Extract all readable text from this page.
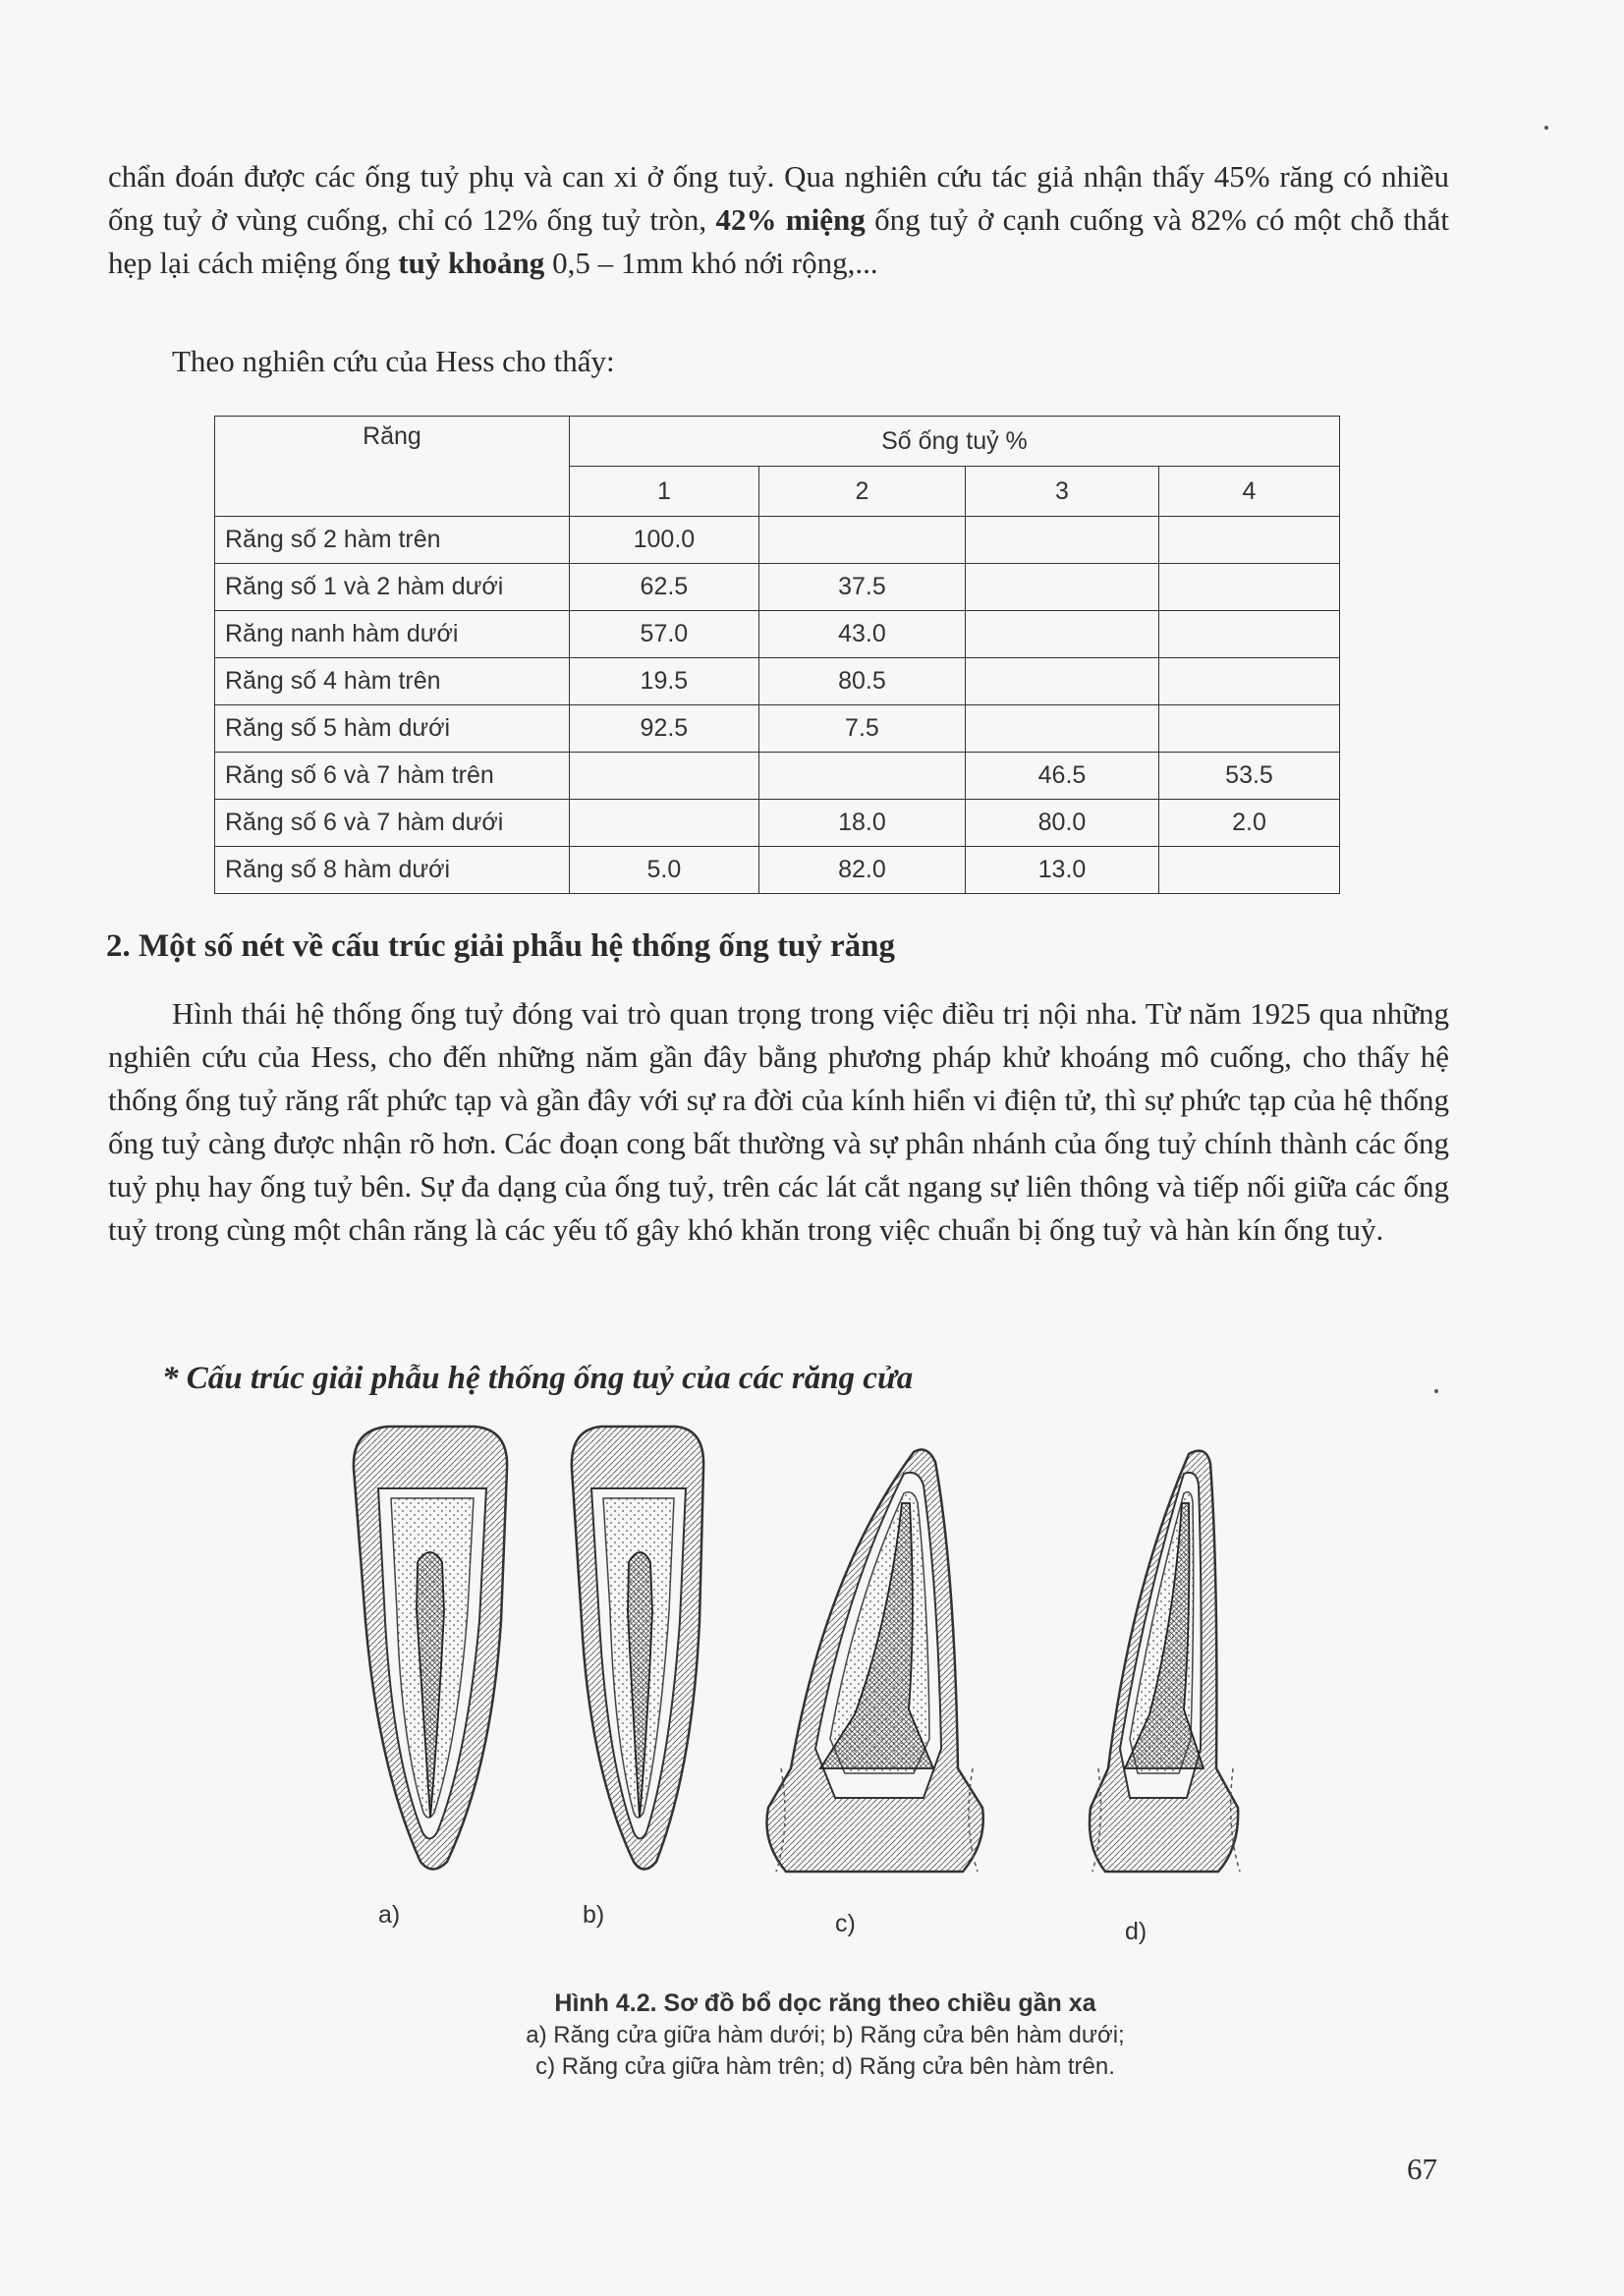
chẩn đoán được các ống tuỷ phụ và can xi ở ống tuỷ. Qua nghiên cứu tác giả nhận thấy 45% răng có nhiều ống tuỷ ở vùng cuống, chỉ có 12% ống tuỷ tròn, 42% miệng ống tuỷ ở cạnh cuống và 82% có một chỗ thắt hẹp lại cách miệng ống tuỷ khoảng 0,5 – 1mm khó nới rộng,...

Theo nghiên cứu của Hess cho thấy:

Răng	Số ống tuỷ %			
	1	2	3	4
Răng số 2 hàm trên	100.0			
Răng số 1 và 2 hàm dưới	62.5	37.5		
Răng nanh hàm dưới	57.0	43.0		
Răng số 4 hàm trên	19.5	80.5		
Răng số 5 hàm dưới	92.5	7.5		
Răng số 6 và 7 hàm trên			46.5	53.5
Răng số 6 và 7 hàm dưới		18.0	80.0	2.0
Răng số 8 hàm dưới	5.0	82.0	13.0	
2. Một số nét về cấu trúc giải phẫu hệ thống ống tuỷ răng

Hình thái hệ thống ống tuỷ đóng vai trò quan trọng trong việc điều trị nội nha. Từ năm 1925 qua những nghiên cứu của Hess, cho đến những năm gần đây bằng phương pháp khử khoáng mô cuống, cho thấy hệ thống ống tuỷ răng rất phức tạp và gần đây với sự ra đời của kính hiển vi điện tử, thì sự phức tạp của hệ thống ống tuỷ càng được nhận rõ hơn. Các đoạn cong bất thường và sự phân nhánh của ống tuỷ chính thành các ống tuỷ phụ hay ống tuỷ bên. Sự đa dạng của ống tuỷ, trên các lát cắt ngang sự liên thông và tiếp nối giữa các ống tuỷ trong cùng một chân răng là các yếu tố gây khó khăn trong việc chuẩn bị ống tuỷ và hàn kín ống tuỷ.

* Cấu trúc giải phẫu hệ thống ống tuỷ của các răng cửa
a)	b)	c)	d)

Hình 4.2. Sơ đồ bổ dọc răng theo chiều gần xa

a) Răng cửa giữa hàm dưới; b) Răng cửa bên hàm dưới;

c) Răng cửa giữa hàm trên; d) Răng cửa bên hàm trên.

67
